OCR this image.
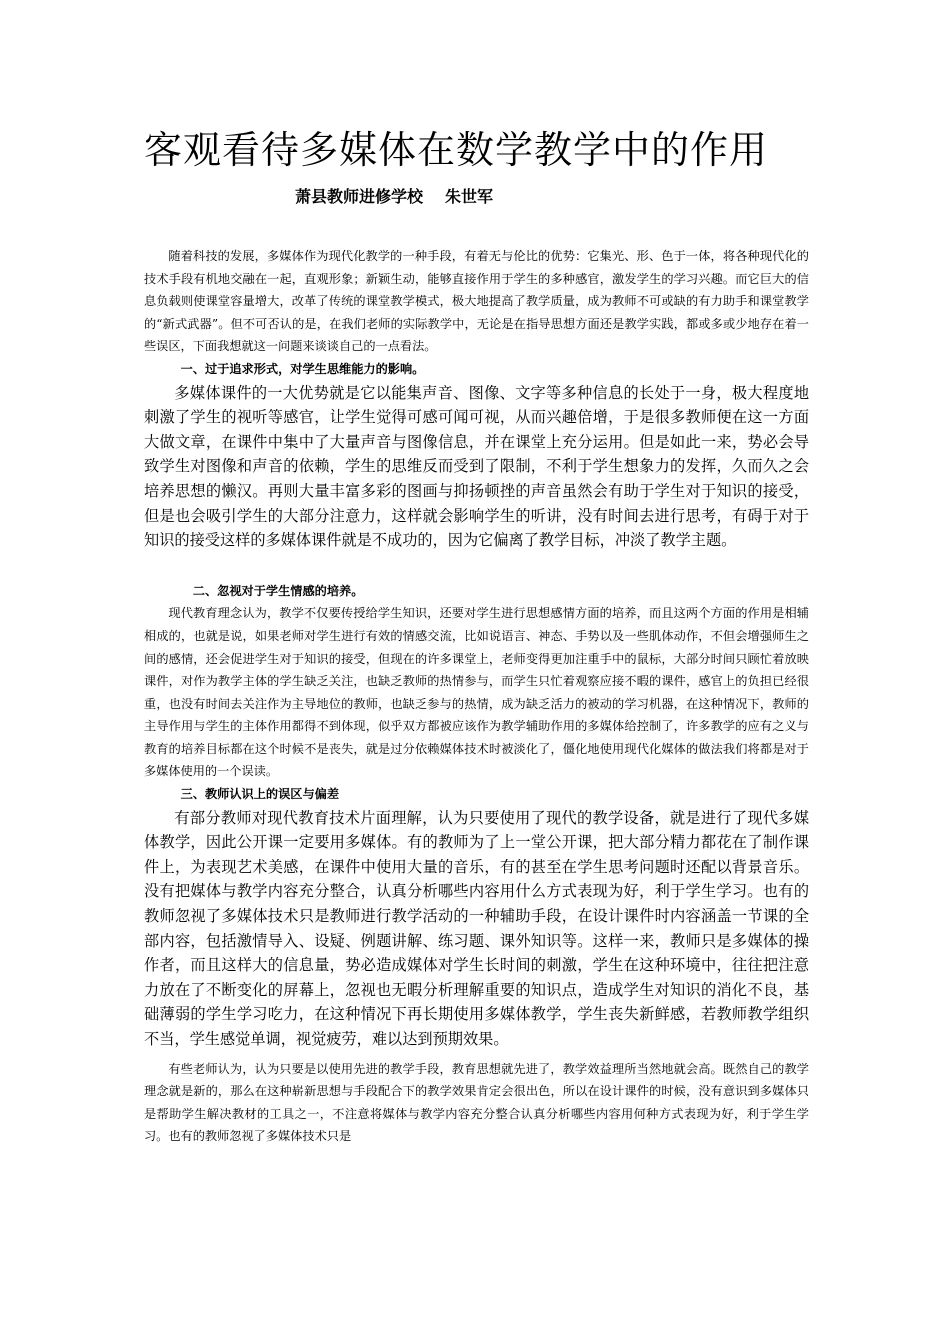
客观看待多媒体在数学教学中的作用
萧县教师进修学校 朱世军

随着科技的发展，多媒体作为现代化教学的一种手段，有着无与伦比的优势：它集光、形、色于一体，将各种现代化的技术手段有机地交融在一起，直观形象；新颖生动，能够直接作用于学生的多种感官，激发学生的学习兴趣。而它巨大的信息负载则使课堂容量增大，改革了传统的课堂教学模式，极大地提高了教学质量，成为教师不可或缺的有力助手和课堂教学的“新式武器”。但不可否认的是，在我们老师的实际教学中，无论是在指导思想方面还是教学实践，都或多或少地存在着一些误区，下面我想就这一问题来谈谈自己的一点看法。

一、过于追求形式，对学生思维能力的影响。

多媒体课件的一大优势就是它以能集声音、图像、文字等多种信息的长处于一身，极大程度地刺激了学生的视听等感官，让学生觉得可感可闻可视，从而兴趣倍增，于是很多教师便在这一方面大做文章，在课件中集中了大量声音与图像信息，并在课堂上充分运用。但是如此一来，势必会导致学生对图像和声音的依赖，学生的思维反而受到了限制，不利于学生想象力的发挥，久而久之会培养思想的懒汉。再则大量丰富多彩的图画与抑扬顿挫的声音虽然会有助于学生对于知识的接受，但是也会吸引学生的大部分注意力，这样就会影响学生的听讲，没有时间去进行思考，有碍于对于知识的接受这样的多媒体课件就是不成功的，因为它偏离了教学目标，冲淡了教学主题。

二、忽视对于学生情感的培养。

现代教育理念认为，教学不仅要传授给学生知识，还要对学生进行思想感情方面的培养，而且这两个方面的作用是相辅相成的，也就是说，如果老师对学生进行有效的情感交流，比如说语言、神态、手势以及一些肌体动作，不但会增强师生之间的感情，还会促进学生对于知识的接受，但现在的许多课堂上，老师变得更加注重手中的鼠标，大部分时间只顾忙着放映课件，对作为教学主体的学生缺乏关注，也缺乏教师的热情参与，而学生只忙着观察应接不暇的课件，感官上的负担已经很重，也没有时间去关注作为主导地位的教师，也缺乏参与的热情，成为缺乏活力的被动的学习机器，在这种情况下，教师的主导作用与学生的主体作用都得不到体现，似乎双方都被应该作为教学辅助作用的多媒体给控制了，许多教学的应有之义与教育的培养目标都在这个时候不是丧失，就是过分依赖媒体技术时被淡化了，僵化地使用现代化媒体的做法我们将都是对于多媒体使用的一个误读。

三、教师认识上的误区与偏差

有部分教师对现代教育技术片面理解，认为只要使用了现代的教学设备，就是进行了现代多媒体教学，因此公开课一定要用多媒体。有的教师为了上一堂公开课，把大部分精力都花在了制作课件上，为表现艺术美感，在课件中使用大量的音乐，有的甚至在学生思考问题时还配以背景音乐。没有把媒体与教学内容充分整合，认真分析哪些内容用什么方式表现为好，利于学生学习。也有的教师忽视了多媒体技术只是教师进行教学活动的一种辅助手段，在设计课件时内容涵盖一节课的全部内容，包括激情导入、设疑、例题讲解、练习题、课外知识等。这样一来，教师只是多媒体的操作者，而且这样大的信息量，势必造成媒体对学生长时间的刺激，学生在这种环境中，往往把注意力放在了不断变化的屏幕上，忽视也无暇分析理解重要的知识点，造成学生对知识的消化不良，基础薄弱的学生学习吃力，在这种情况下再长期使用多媒体教学，学生丧失新鲜感，若教师教学组织不当，学生感觉单调，视觉疲劳，难以达到预期效果。

有些老师认为，认为只要是以使用先进的教学手段，教育思想就先进了，教学效益理所当然地就会高。既然自己的教学理念就是新的，那么在这种崭新思想与手段配合下的教学效果肯定会很出色，所以在设计课件的时候，没有意识到多媒体只是帮助学生解决教材的工具之一，不注意将媒体与教学内容充分整合认真分析哪些内容用何种方式表现为好，利于学生学习。也有的教师忽视了多媒体技术只是
